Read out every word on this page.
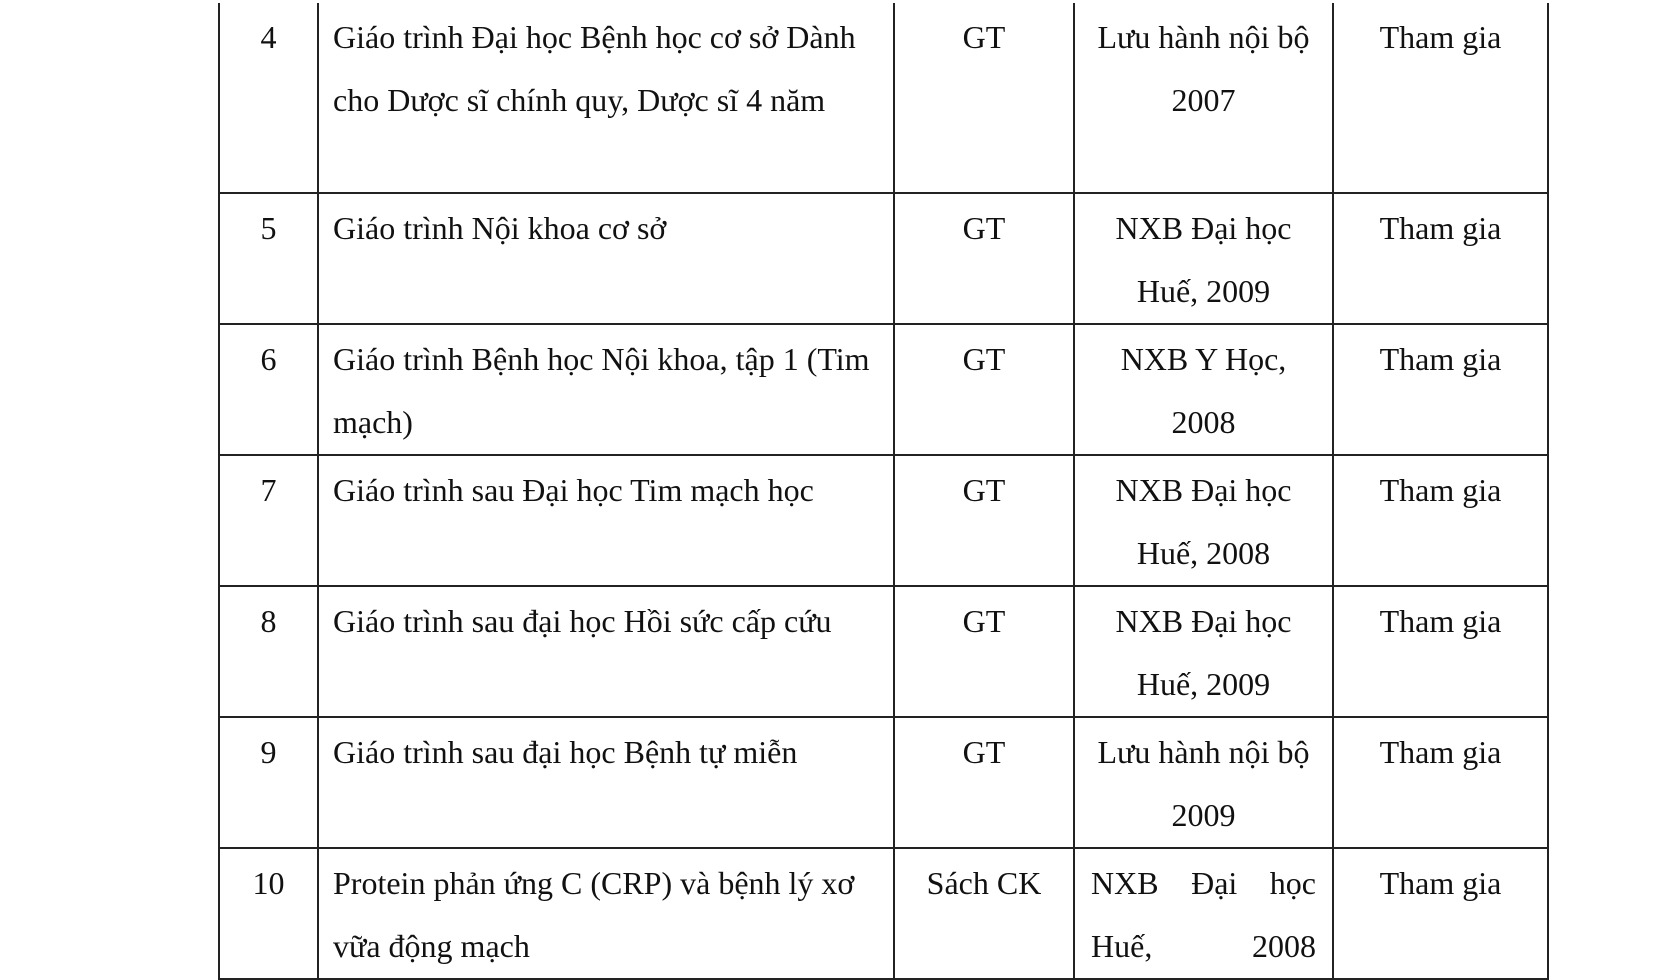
4	Giáo trình Đại học Bệnh học cơ sở Dành cho Dược sĩ chính quy, Dược sĩ 4 năm	GT	Lưu hành nội bộ 2007	Tham gia
5	Giáo trình Nội khoa cơ sở	GT	NXB Đại học Huế, 2009	Tham gia
6	Giáo trình Bệnh học Nội khoa, tập 1 (Tim mạch)	GT	NXB Y Học, 2008	Tham gia
7	Giáo trình sau Đại học Tim mạch học	GT	NXB Đại học Huế, 2008	Tham gia
8	Giáo trình sau đại học Hồi sức cấp cứu	GT	NXB Đại học Huế, 2009	Tham gia
9	Giáo trình sau đại học Bệnh tự miễn	GT	Lưu hành nội bộ 2009	Tham gia
10	Protein phản ứng C (CRP) và bệnh lý xơ vữa động mạch	Sách CK	NXB Đại học Huế, 2008	Tham gia
